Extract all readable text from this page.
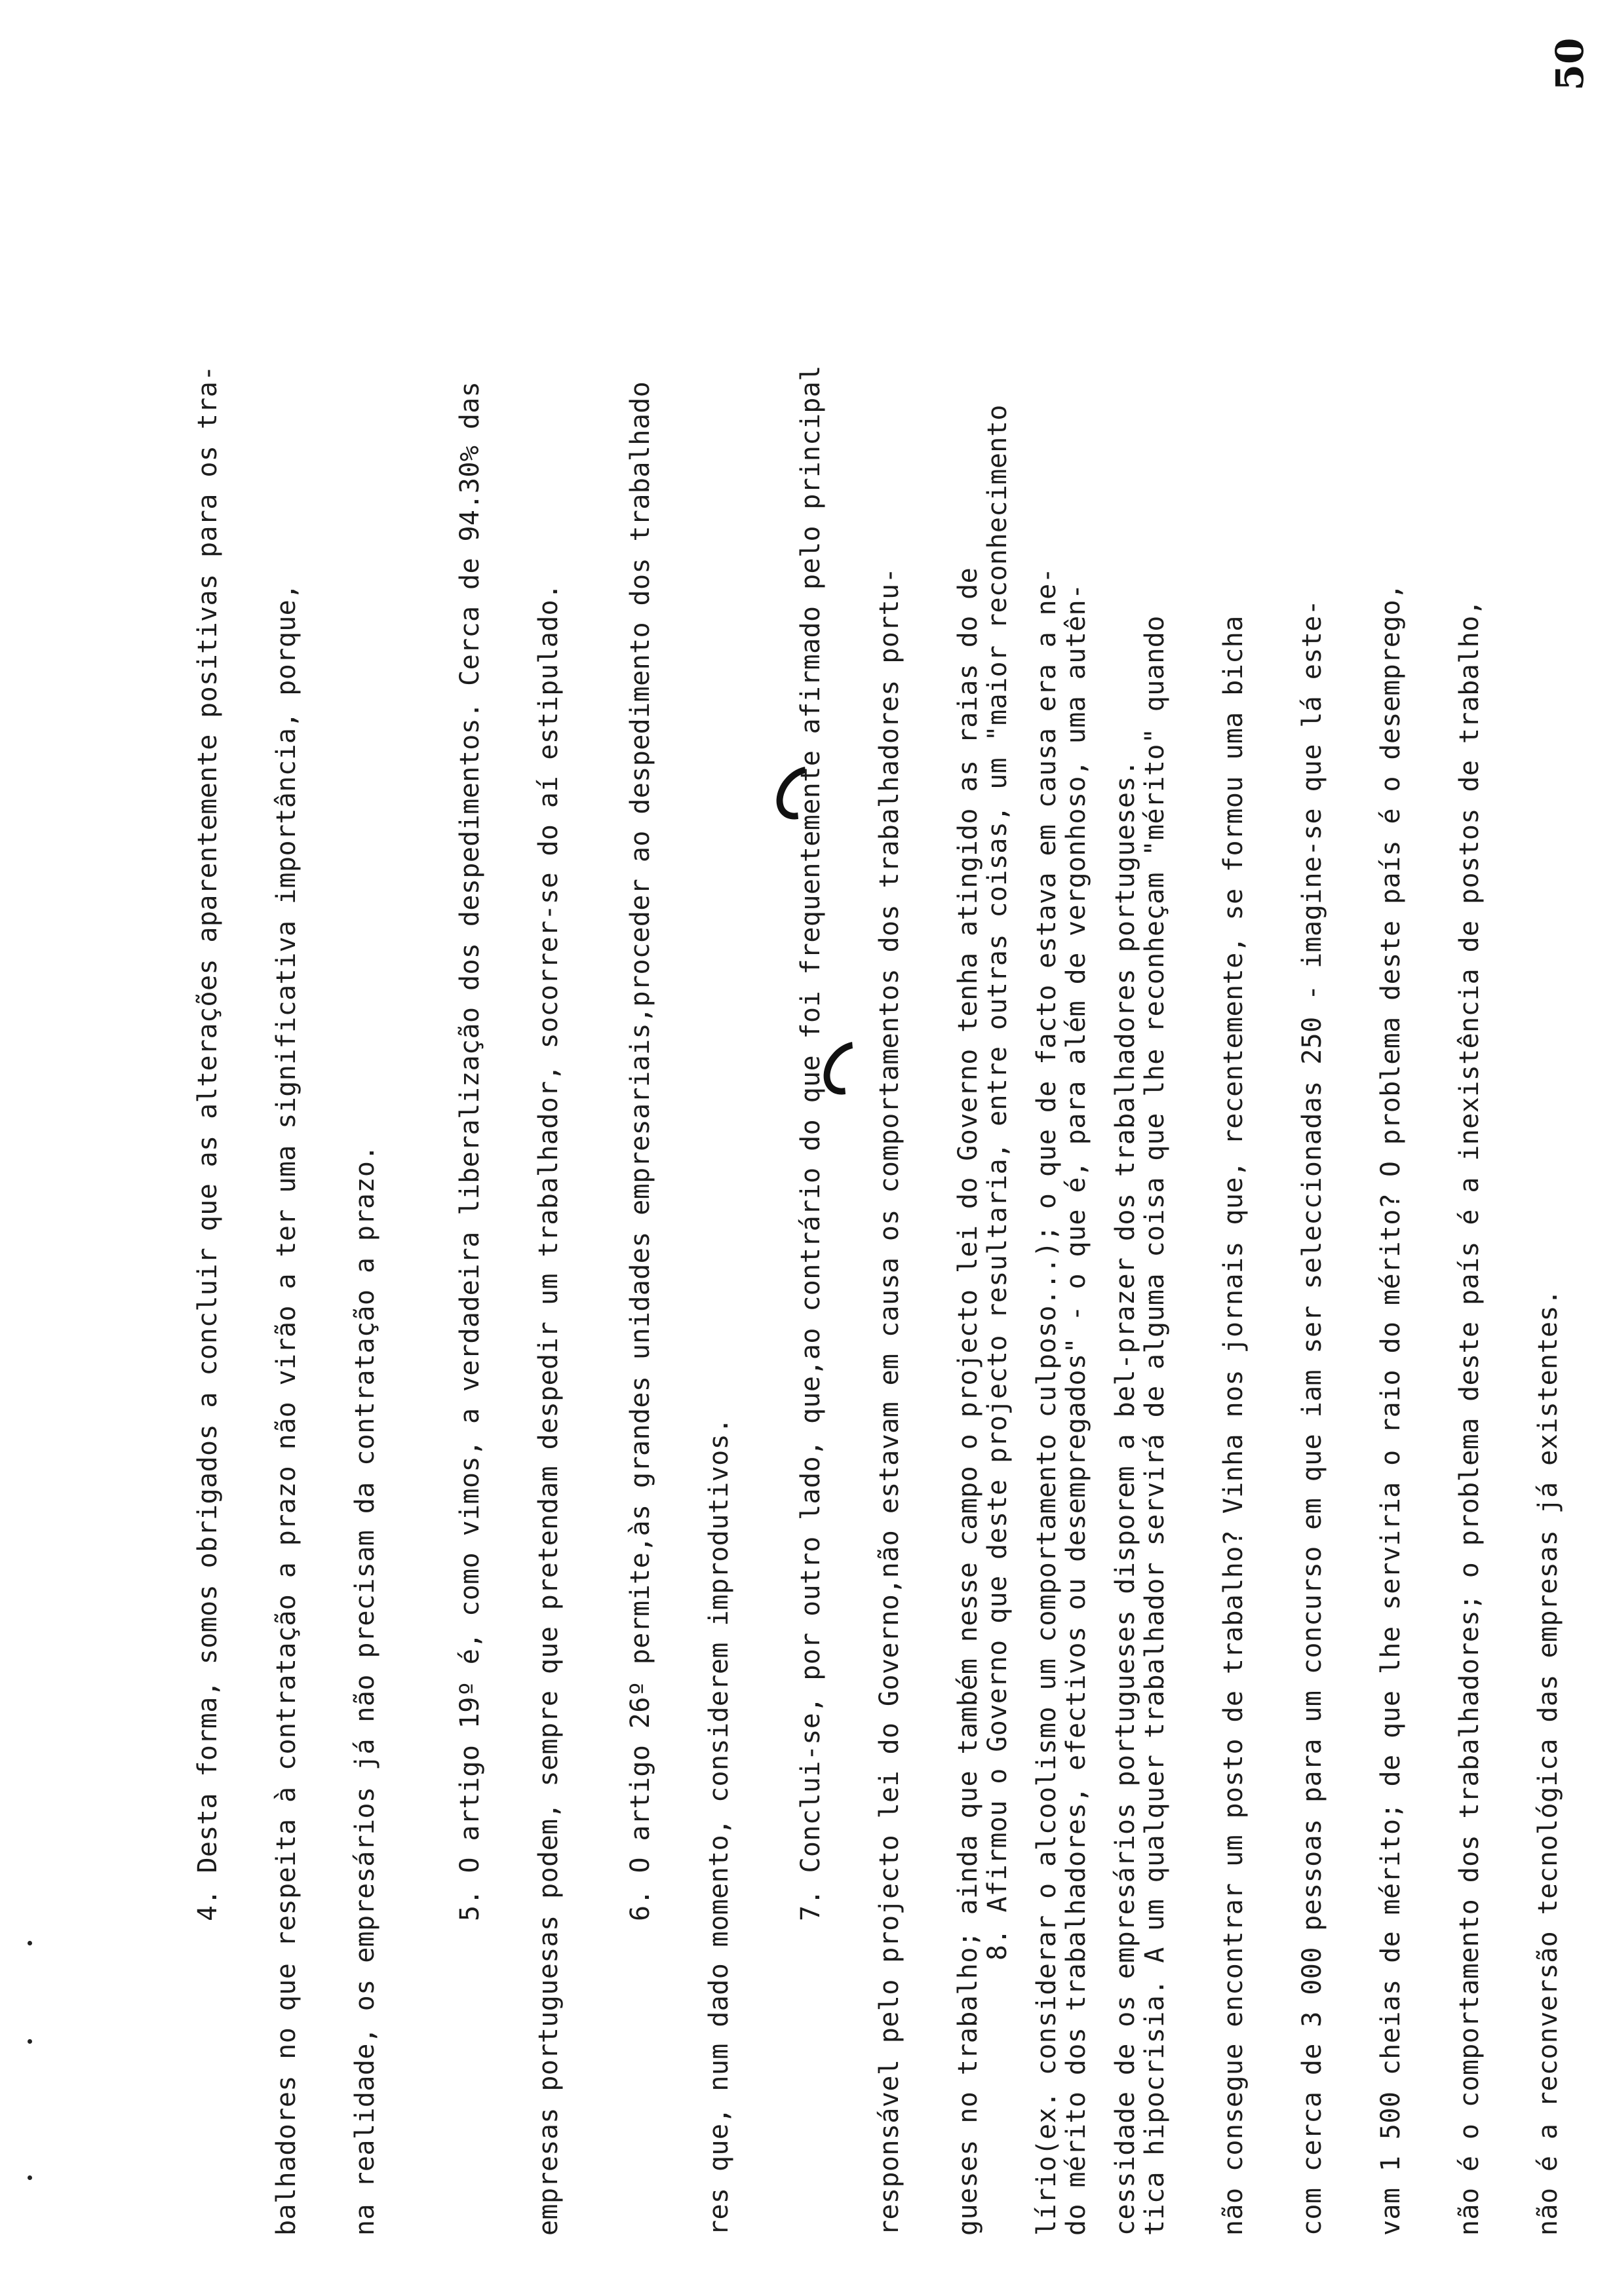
50
4. Desta forma, somos obrigados a concluir que as alterações aparentemente positivas para os tra-	balhadores no que respeita à contratação a prazo não virão a ter uma significativa importância, porque,	na realidade, os empresários já não precisam da contratação a prazo.	5. O artigo 19º é, como vimos, a verdadeira liberalização dos despedimentos. Cerca de 94.30% das	empresas portuguesas podem, sempre que pretendam despedir um trabalhador, socorrer-se do aí estipulado.	6. O artigo 26º permite,às grandes unidades empresariais,proceder ao despedimento dos trabalhado	res que, num dado momento, considerem improdutivos.	7. Conclui-se, por outro lado, que,ao contrário do que foi frequentemente afirmado pelo principal	responsável pelo projecto lei do Governo,não estavam em causa os comportamentos dos trabalhadores portu-	gueses no trabalho; ainda que também nesse campo o projecto lei do Governo tenha atingido as raias do de	lírio(ex. considerar o alcoolismo um comportamento culposo...); o que de facto estava em causa era a ne-	cessidade de os empresários portugueses disporem a bel-prazer dos trabalhadores portugueses.
8. Afirmou o Governo que deste projecto resultaria, entre outras coisas, um "maior reconhecimento	do mérito dos trabalhadores, efectivos ou desempregados" - o que é, para além de vergonhoso, uma autên-	tica hipocrisia. A um qualquer trabalhador servirá de alguma coisa que lhe reconheçam "mérito" quando	não consegue encontrar um posto de trabalho? Vinha nos jornais que, recentemente, se formou uma bicha	com cerca de 3 000 pessoas para um concurso em que iam ser seleccionadas 250 - imagine-se que lá este-	vam 1 500 cheias de mérito; de que lhe serviria o raio do mérito? O problema deste país é o desemprego,	não é o comportamento dos trabalhadores; o problema deste país é a inexistência de postos de trabalho,	não é a reconversão tecnológica das empresas já existentes.
